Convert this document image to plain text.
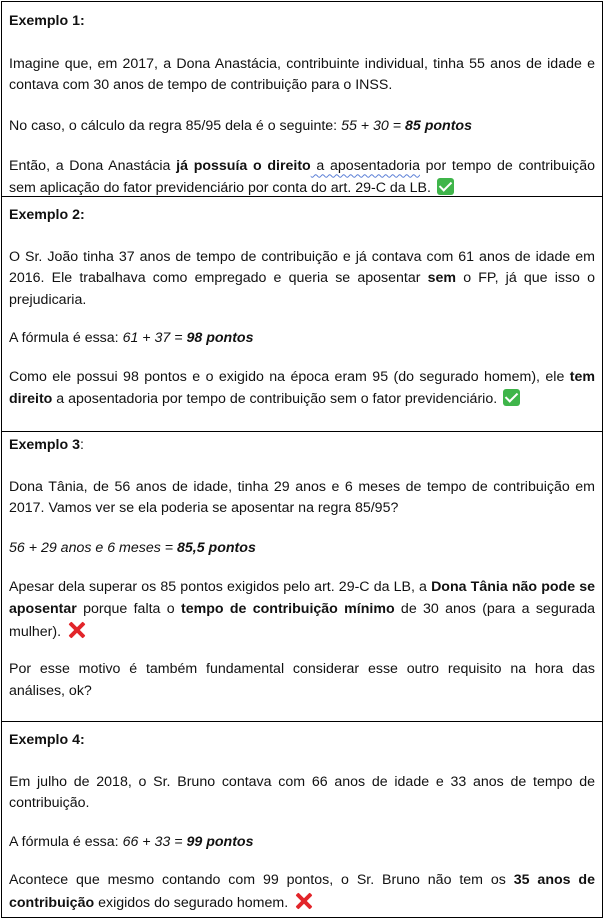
Exemplo 1:

Imagine que, em 2017, a Dona Anastácia, contribuinte individual, tinha 55 anos de idade e contava com 30 anos de tempo de contribuição para o INSS.

No caso, o cálculo da regra 85/95 dela é o seguinte: 55 + 30 = 85 pontos

Então, a Dona Anastácia já possuía o direito a aposentadoria por tempo de contribuição sem aplicação do fator previdenciário por conta do art. 29-C da LB.

Exemplo 2:

O Sr. João tinha 37 anos de tempo de contribuição e já contava com 61 anos de idade em 2016. Ele trabalhava como empregado e queria se aposentar sem o FP, já que isso o prejudicaria.

A fórmula é essa: 61 + 37 = 98 pontos

Como ele possui 98 pontos e o exigido na época eram 95 (do segurado homem), ele tem direito a aposentadoria por tempo de contribuição sem o fator previdenciário.

Exemplo 3:

Dona Tânia, de 56 anos de idade, tinha 29 anos e 6 meses de tempo de contribuição em 2017. Vamos ver se ela poderia se aposentar na regra 85/95?

56 + 29 anos e 6 meses = 85,5 pontos

Apesar dela superar os 85 pontos exigidos pelo art. 29-C da LB, a Dona Tânia não pode se aposentar porque falta o tempo de contribuição mínimo de 30 anos (para a segurada mulher).

Por esse motivo é também fundamental considerar esse outro requisito na hora das análises, ok?

Exemplo 4:

Em julho de 2018, o Sr. Bruno contava com 66 anos de idade e 33 anos de tempo de contribuição.

A fórmula é essa: 66 + 33 = 99 pontos

Acontece que mesmo contando com 99 pontos, o Sr. Bruno não tem os 35 anos de contribuição exigidos do segurado homem.
